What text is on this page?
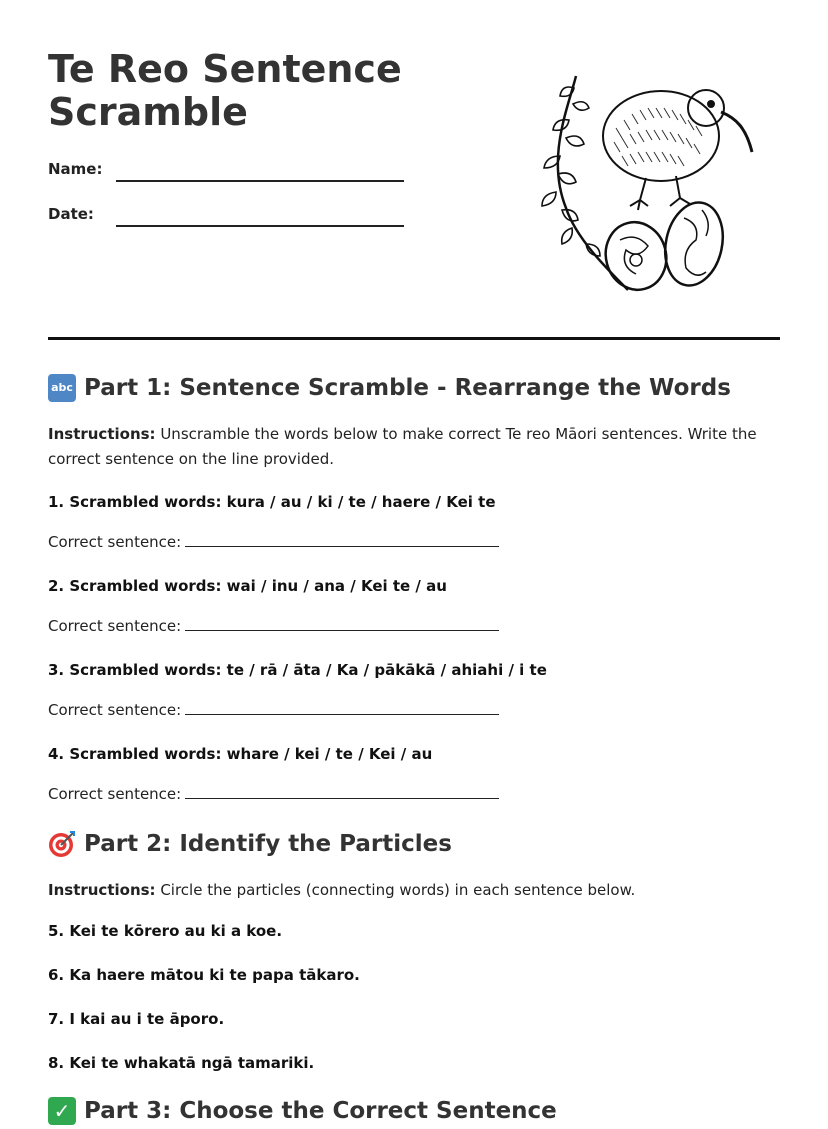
Te Reo Sentence Scramble
Name:
Date:
abc Part 1: Sentence Scramble - Rearrange the Words

Instructions: Unscramble the words below to make correct Te reo Māori sentences. Write the correct sentence on the line provided.

1. Scrambled words: kura / au / ki / te / haere / Kei te

Correct sentence:

2. Scrambled words: wai / inu / ana / Kei te / au

Correct sentence:

3. Scrambled words: te / rā / āta / Ka / pākākā / ahiahi / i te

Correct sentence:

4. Scrambled words: whare / kei / te / Kei / au

Correct sentence:

Part 2: Identify the Particles

Instructions: Circle the particles (connecting words) in each sentence below.

5. Kei te kōrero au ki a koe.

6. Ka haere mātou ki te papa tākaro.

7. I kai au i te āporo.

8. Kei te whakatā ngā tamariki.

✓ Part 3: Choose the Correct Sentence
